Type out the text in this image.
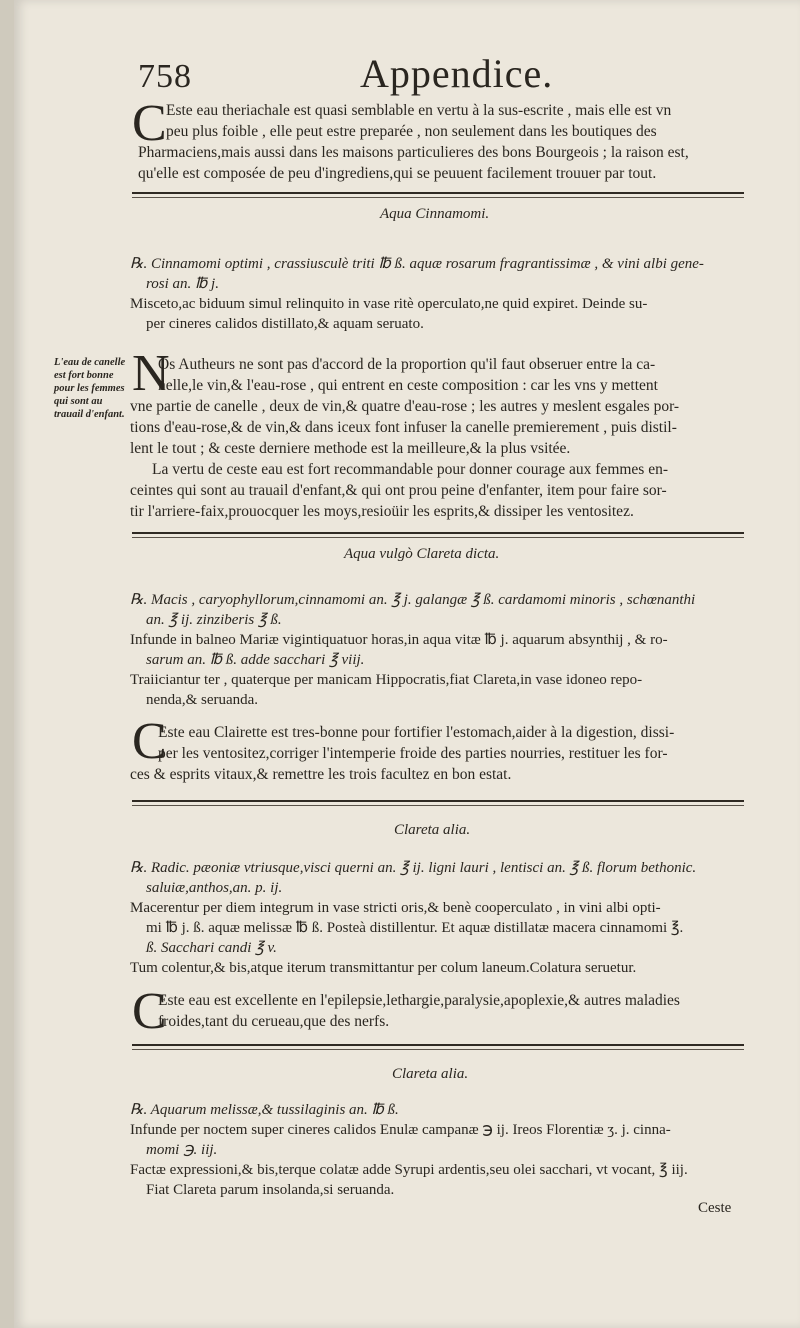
758	Appendice.
C Este eau theriachale est quasi semblable en vertu à la sus-escrite , mais elle est vn
peu plus foible , elle peut estre preparée , non seulement dans les boutiques des
Pharmaciens,mais aussi dans les maisons particulieres des bons Bourgeois ; la raison est,
qu'elle est composée de peu d'ingrediens,qui se peuuent facilement trouuer par tout.
Aqua Cinnamomi.
℞. Cinnamomi optimi , crassiusculè triti ℔ ß. aquæ rosarum fragrantissimæ , & vini albi gene-
rosi an. ℔ j.
Misceto,ac biduum simul relinquito in vase ritè operculato,ne quid expiret. Deinde su-
per cineres calidos distillato,& aquam seruato.
L'eau de canelle est fort bonne pour les femmes qui sont au trauail d'enfant.
N
Os Autheurs ne sont pas d'accord de la proportion qu'il faut obseruer entre la ca-
nelle,le vin,& l'eau-rose , qui entrent en ceste composition : car les vns y mettent
vne partie de canelle , deux de vin,& quatre d'eau-rose ; les autres y meslent esgales por-
tions d'eau-rose,& de vin,& dans iceux font infuser la canelle premierement , puis distil-
lent le tout ; & ceste derniere methode est la meilleure,& la plus vsitée.
La vertu de ceste eau est fort recommandable pour donner courage aux femmes en-
ceintes qui sont au trauail d'enfant,& qui ont prou peine d'enfanter, item pour faire sor-
tir l'arriere-faix,prouocquer les moys,resioüir les esprits,& dissiper les ventositez.
Aqua vulgò Clareta dicta.
℞. Macis , caryophyllorum,cinnamomi an. ℥ j. galangæ ℥ ß. cardamomi minoris , schœnanthi
an. ℥ ij. zinziberis ℥ ß.
Infunde in balneo Mariæ vigintiquatuor horas,in aqua vitæ ℔ j. aquarum absynthij , & ro-
sarum an. ℔ ß. adde sacchari ℥ viij.
Traiiciantur ter , quaterque per manicam Hippocratis,fiat Clareta,in vase idoneo repo-
nenda,& seruanda.
C
Este eau Clairette est tres-bonne pour fortifier l'estomach,aider à la digestion, dissi-
per les ventositez,corriger l'intemperie froide des parties nourries, restituer les for-
ces & esprits vitaux,& remettre les trois facultez en bon estat.
Clareta alia.
℞. Radic. pæoniæ vtriusque,visci querni an. ℥ ij. ligni lauri , lentisci an. ℥ ß. florum bethonic.
saluiæ,anthos,an. p. ij.
Macerentur per diem integrum in vase stricti oris,& benè cooperculato , in vini albi opti-
mi ℔ j. ß. aquæ melissæ ℔ ß. Posteà distillentur. Et aquæ distillatæ macera cinnamomi ℥.
ß. Sacchari candi ℥ v.
Tum colentur,& bis,atque iterum transmittantur per colum laneum.Colatura seruetur.
C
Este eau est excellente en l'epilepsie,lethargie,paralysie,apoplexie,& autres maladies
froides,tant du cerueau,que des nerfs.
Clareta alia.
℞. Aquarum melissæ,& tussilaginis an. ℔ ß.
Infunde per noctem super cineres calidos Enulæ campanæ ℈ ij. Ireos Florentiæ ʒ. j. cinna-
momi ℈. iij.
Factæ expressioni,& bis,terque colatæ adde Syrupi ardentis,seu olei sacchari, vt vocant, ℥ iij.
Fiat Clareta parum insolanda,si seruanda.
Ceste
